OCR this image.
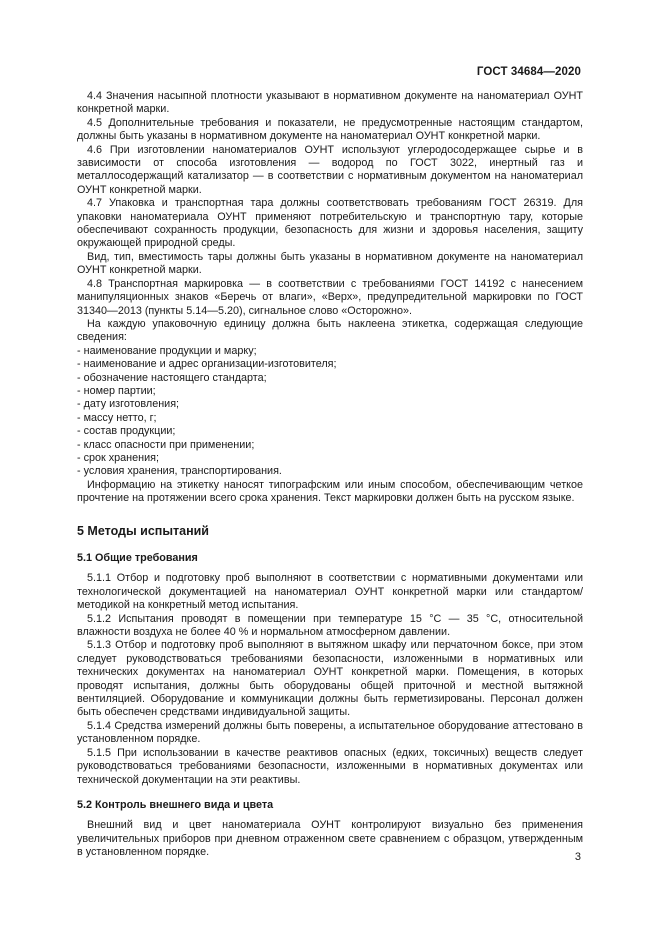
ГОСТ 34684—2020

4.4 Значения насыпной плотности указывают в нормативном документе на наноматериал ОУНТ конкретной марки.

4.5 Дополнительные требования и показатели, не предусмотренные настоящим стандартом, должны быть указаны в нормативном документе на наноматериал ОУНТ конкретной марки.

4.6 При изготовлении наноматериалов ОУНТ используют углеродосодержащее сырье и в зависимости от способа изготовления — водород по ГОСТ 3022, инертный газ и металлосодержащий катализатор — в соответствии с нормативным документом на наноматериал ОУНТ конкретной марки.

4.7 Упаковка и транспортная тара должны соответствовать требованиям ГОСТ 26319. Для упаковки наноматериала ОУНТ применяют потребительскую и транспортную тару, которые обеспечивают сохранность продукции, безопасность для жизни и здоровья населения, защиту окружающей природной среды.

Вид, тип, вместимость тары должны быть указаны в нормативном документе на наноматериал ОУНТ конкретной марки.

4.8 Транспортная маркировка — в соответствии с требованиями ГОСТ 14192 с нанесением манипуляционных знаков «Беречь от влаги», «Верх», предупредительной маркировки по ГОСТ 31340—2013 (пункты 5.14—5.20), сигнальное слово «Осторожно».

На каждую упаковочную единицу должна быть наклеена этикетка, содержащая следующие сведения:

- наименование продукции и марку;
- наименование и адрес организации-изготовителя;
- обозначение настоящего стандарта;
- номер партии;
- дату изготовления;
- массу нетто, г;
- состав продукции;
- класс опасности при применении;
- срок хранения;
- условия хранения, транспортирования.

Информацию на этикетку наносят типографским или иным способом, обеспечивающим четкое прочтение на протяжении всего срока хранения. Текст маркировки должен быть на русском языке.

5 Методы испытаний
5.1 Общие требования

5.1.1 Отбор и подготовку проб выполняют в соответствии с нормативными документами или технологической документацией на наноматериал ОУНТ конкретной марки или стандартом/методикой на конкретный метод испытания.

5.1.2 Испытания проводят в помещении при температуре 15 °С — 35 °С, относительной влажности воздуха не более 40 % и нормальном атмосферном давлении.

5.1.3 Отбор и подготовку проб выполняют в вытяжном шкафу или перчаточном боксе, при этом следует руководствоваться требованиями безопасности, изложенными в нормативных или технических документах на наноматериал ОУНТ конкретной марки. Помещения, в которых проводят испытания, должны быть оборудованы общей приточной и местной вытяжной вентиляцией. Оборудование и коммуникации должны быть герметизированы. Персонал должен быть обеспечен средствами индивидуальной защиты.

5.1.4 Средства измерений должны быть поверены, а испытательное оборудование аттестовано в установленном порядке.

5.1.5 При использовании в качестве реактивов опасных (едких, токсичных) веществ следует руководствоваться требованиями безопасности, изложенными в нормативных документах или технической документации на эти реактивы.

5.2 Контроль внешнего вида и цвета

Внешний вид и цвет наноматериала ОУНТ контролируют визуально без применения увеличительных приборов при дневном отраженном свете сравнением с образцом, утвержденным в установленном порядке.	3
